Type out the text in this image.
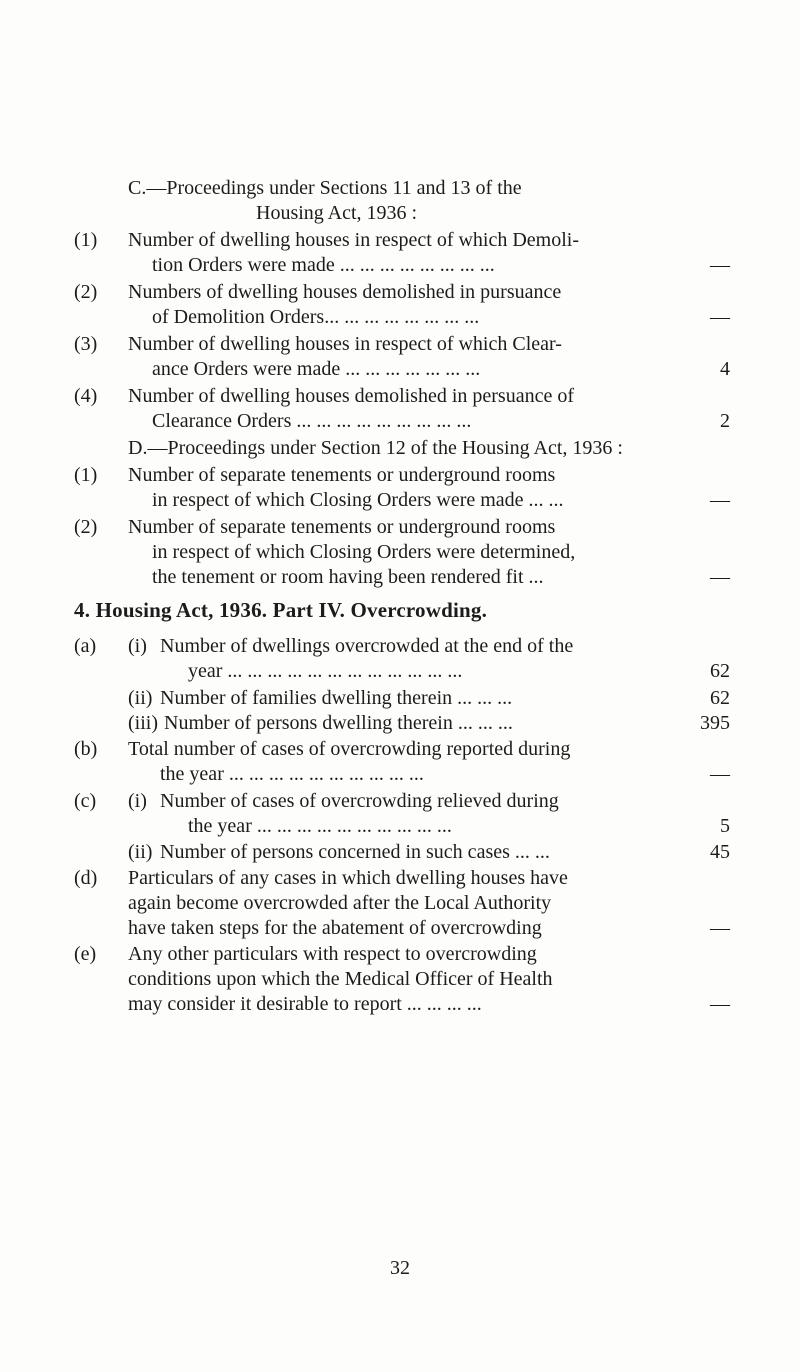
C.—Proceedings under Sections 11 and 13 of the
Housing Act, 1936 :
(1) Number of dwelling houses in respect of which Demoli-
tion Orders were made ... ... ... ... ... ... ... ...	—
(2) Numbers of dwelling houses demolished in pursuance
of Demolition Orders... ... ... ... ... ... ... ...	—
(3) Number of dwelling houses in respect of which Clear-
ance Orders were made ... ... ... ... ... ... ...	4
(4) Number of dwelling houses demolished in persuance of
Clearance Orders ... ... ... ... ... ... ... ... ...	2
D.—Proceedings under Section 12 of the Housing Act, 1936 :
(1) Number of separate tenements or underground rooms
in respect of which Closing Orders were made ... ...	—
(2) Number of separate tenements or underground rooms
in respect of which Closing Orders were determined,
the tenement or room having been rendered fit ...	—
4. Housing Act, 1936. Part IV. Overcrowding.
(a) (i) Number of dwellings overcrowded at the end of the
year ... ... ... ... ... ... ... ... ... ... ... ...	62
(ii) Number of families dwelling therein ... ... ...	62
(iii) Number of persons dwelling therein ... ... ...	395
(b) Total number of cases of overcrowding reported during
the year ... ... ... ... ... ... ... ... ... ...	—
(c) (i) Number of cases of overcrowding relieved during
the year ... ... ... ... ... ... ... ... ... ...	5
(ii) Number of persons concerned in such cases ... ...	45
(d) Particulars of any cases in which dwelling houses have
again become overcrowded after the Local Authority
have taken steps for the abatement of overcrowding	—
(e) Any other particulars with respect to overcrowding
conditions upon which the Medical Officer of Health
may consider it desirable to report ... ... ... ...	—
32
